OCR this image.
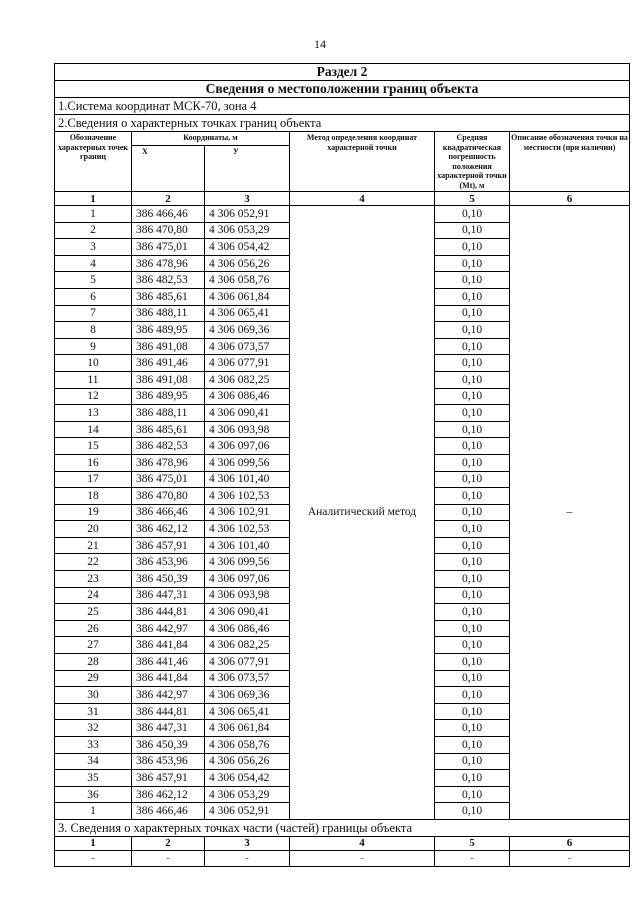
14
Раздел 2					
Сведения о местоположении границ объекта					
1.Система координат МСК-70, зона 4					
2.Сведения о характерных точках границ объекта					
Обозначение характерных точек границ	Координаты, м		Метод определения координат характерной точки	Средняя квадратическая погрешность положения характерной точки (Mt), м	Описание обозначения точки на местности (при наличии)
	X	У			
1	2	3	4	5	6
1	386 466,46	4 306 052,91	Аналитический метод	0,10	–
2	386 470,80	4 306 053,29		0,10	
3	386 475,01	4 306 054,42		0,10	
4	386 478,96	4 306 056,26		0,10	
5	386 482,53	4 306 058,76		0,10	
6	386 485,61	4 306 061,84		0,10	
7	386 488,11	4 306 065,41		0,10	
8	386 489,95	4 306 069,36		0,10	
9	386 491,08	4 306 073,57		0,10	
10	386 491,46	4 306 077,91		0,10	
11	386 491,08	4 306 082,25		0,10	
12	386 489,95	4 306 086,46		0,10	
13	386 488,11	4 306 090,41		0,10	
14	386 485,61	4 306 093,98		0,10	
15	386 482,53	4 306 097,06		0,10	
16	386 478,96	4 306 099,56		0,10	
17	386 475,01	4 306 101,40		0,10	
18	386 470,80	4 306 102,53		0,10	
19	386 466,46	4 306 102,91		0,10	
20	386 462,12	4 306 102,53		0,10	
21	386 457,91	4 306 101,40		0,10	
22	386 453,96	4 306 099,56		0,10	
23	386 450,39	4 306 097,06		0,10	
24	386 447,31	4 306 093,98		0,10	
25	386 444,81	4 306 090,41		0,10	
26	386 442,97	4 306 086,46		0,10	
27	386 441,84	4 306 082,25		0,10	
28	386 441,46	4 306 077,91		0,10	
29	386 441,84	4 306 073,57		0,10	
30	386 442,97	4 306 069,36		0,10	
31	386 444,81	4 306 065,41		0,10	
32	386 447,31	4 306 061,84		0,10	
33	386 450,39	4 306 058,76		0,10	
34	386 453,96	4 306 056,26		0,10	
35	386 457,91	4 306 054,42		0,10	
36	386 462,12	4 306 053,29		0,10	
1	386 466,46	4 306 052,91		0,10	
3. Сведения о характерных точках части (частей) границы объекта					
1	2	3	4	5	6
-	-	-	-	-	-
